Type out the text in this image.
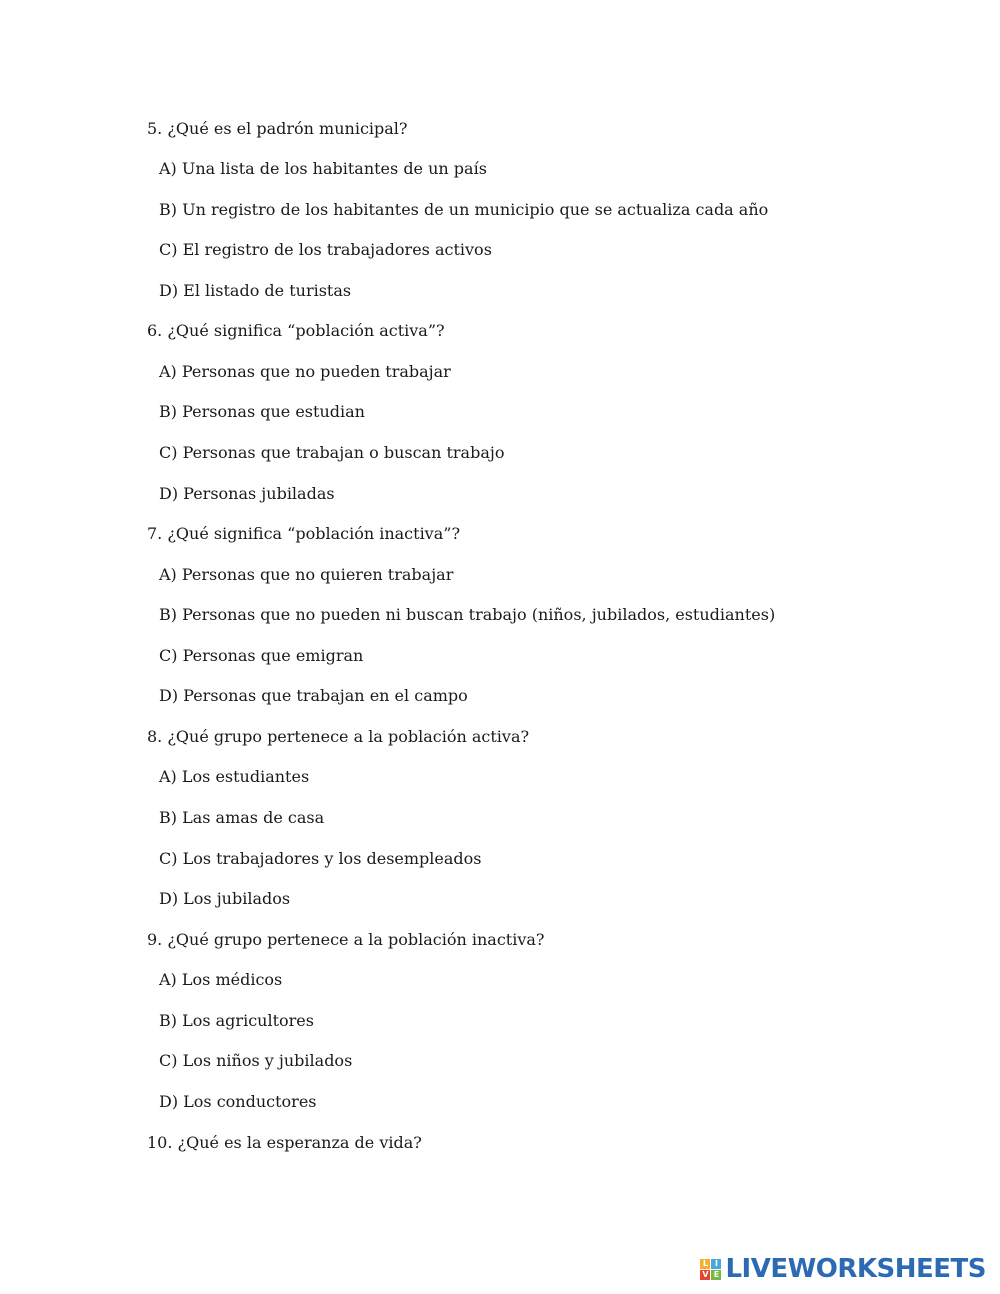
5. ¿Qué es el padrón municipal?
A) Una lista de los habitantes de un país
B) Un registro de los habitantes de un municipio que se actualiza cada año
C) El registro de los trabajadores activos
D) El listado de turistas
6. ¿Qué significa “población activa”?
A) Personas que no pueden trabajar
B) Personas que estudian
C) Personas que trabajan o buscan trabajo
D) Personas jubiladas
7. ¿Qué significa “población inactiva”?
A) Personas que no quieren trabajar
B) Personas que no pueden ni buscan trabajo (niños, jubilados, estudiantes)
C) Personas que emigran
D) Personas que trabajan en el campo
8. ¿Qué grupo pertenece a la población activa?
A) Los estudiantes
B) Las amas de casa
C) Los trabajadores y los desempleados
D) Los jubilados
9. ¿Qué grupo pertenece a la población inactiva?
A) Los médicos
B) Los agricultores
C) Los niños y jubilados
D) Los conductores
10. ¿Qué es la esperanza de vida?
L I
V E LIVEWORKSHEETS
